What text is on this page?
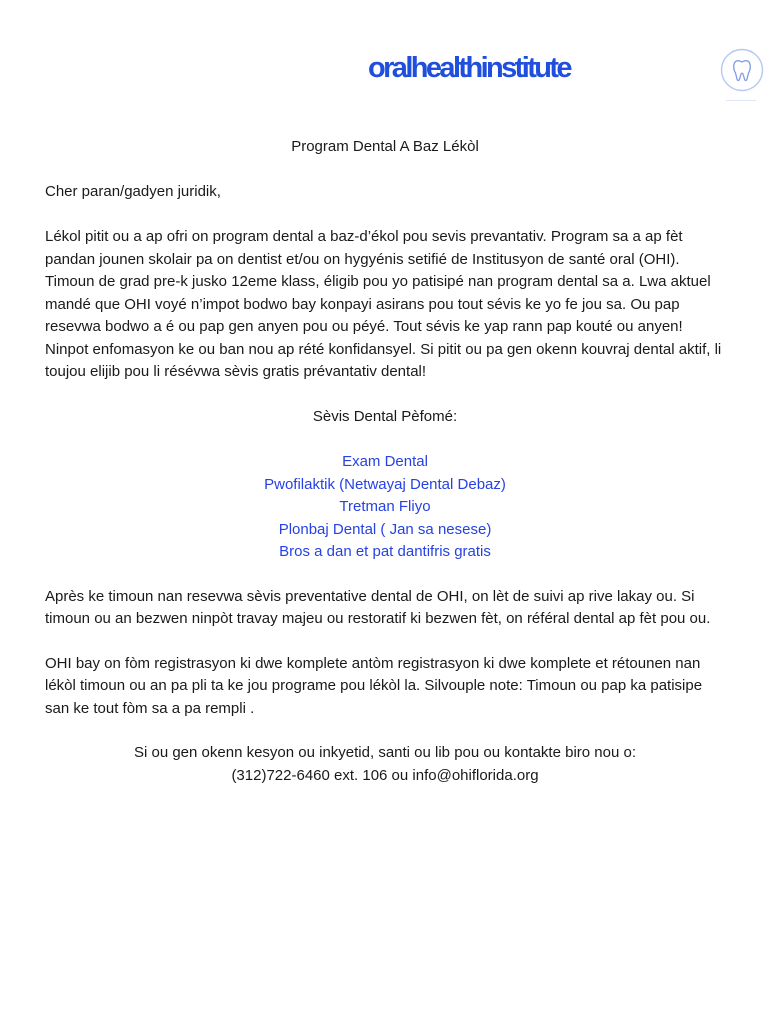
oralhealthinstitute

Program Dental A Baz Lékòl

Cher paran/gadyen juridik,

Lékol pitit ou a ap ofri on program dental a baz-d’ékol pou sevis prevantativ. Program sa a ap fèt pandan jounen skolair pa on dentist et/ou on hygyénis setifié de Institusyon de santé oral (OHI). Timoun de grad pre-k jusko 12eme klass, éligib pou yo patisipé nan program dental sa a. Lwa aktuel mandé que OHI voyé n’impot bodwo bay konpayi asirans pou tout sévis ke yo fe jou sa. Ou pap resevwa bodwo a é ou pap gen anyen pou ou péyé. Tout sévis ke yap rann pap kouté ou anyen! Ninpot enfomasyon ke ou ban nou ap rété konfidansyel. Si pitit ou pa gen okenn kouvraj dental aktif, li toujou elijib pou li résévwa sèvis gratis prévantativ dental!

Sèvis Dental Pèfomé:

Exam Dental
Pwofilaktik (Netwayaj Dental Debaz)
Tretman Fliyo
Plonbaj Dental ( Jan sa nesese)
Bros a dan et pat dantifris gratis

Après ke timoun nan resevwa sèvis preventative dental de OHI, on lèt de suivi ap rive lakay ou. Si timoun ou an bezwen ninpòt travay majeu ou restoratif ki bezwen fèt, on référal dental ap fèt pou ou.

OHI bay on fòm registrasyon ki dwe komplete antòm registrasyon ki dwe komplete et rétounen nan lékòl timoun ou an pa pli ta ke jou programe pou lékòl la. Silvouple note: Timoun ou pap ka patisipe san ke tout fòm sa a pa rempli .

Si ou gen okenn kesyon ou inkyetid, santi ou lib pou ou kontakte biro nou o:

(312)722-6460 ext. 106 ou info@ohiflorida.org
